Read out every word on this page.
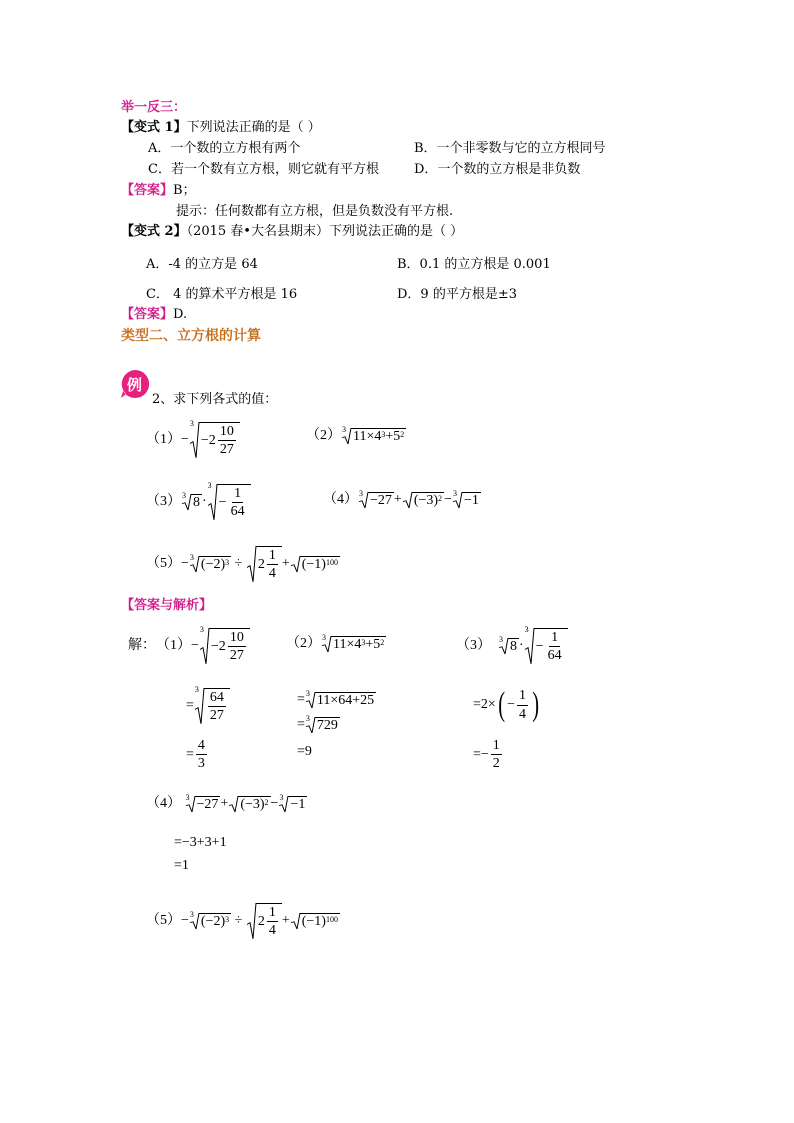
举一反三：
【变式 1】下列说法正确的是（ ）
A．一个数的立方根有两个	B．一个非零数与它的立方根同号
C．若一个数有立方根，则它就有平方根	D．一个数的立方根是非负数
【答案】B；
提示：任何数都有立方根，但是负数没有平方根.
【变式 2】（2015 春•大名县期末）下列说法正确的是（ ）
A．-4 的立方是 64	B．0.1 的立方根是 0.001
C． 4 的算术平方根是 16	D．9 的平方根是±3
【答案】D.
类型二、立方根的计算
例
2、求下列各式的值：
（1） −
3
$-2 \frac{10}{27}$	（2） 3 $11\times 4^3 +5^2$
（3） 3 8 ·
3
− $\frac{1}{64}$	（4） $3 -27 + (-3)^2 - 3 -1$
（5） − 3 $(-2)^3 \div 2 \frac{1}{4} + (-1)^{100}$
【答案与解析】
解： （1） −
3
$-2 \frac{10}{27}$
=
3
$\frac{64}{27}$
= $\frac{4}{3}$
（2） 3 $11\times 4^3 +5^2$
= 3 11×64+25
= 3 729
=9
（3）
3 8 ·
3
− $\frac{1}{64}$
=2× ( − $\frac{1}{4}$ )
=− $\frac{1}{2}$
（4）
$3 -27 + (-3)^2 - 3 -1$
=−3+3+1
=1
（5） − 3 $(-2)^3 \div 2 \frac{1}{4} + (-1)^{100}$
